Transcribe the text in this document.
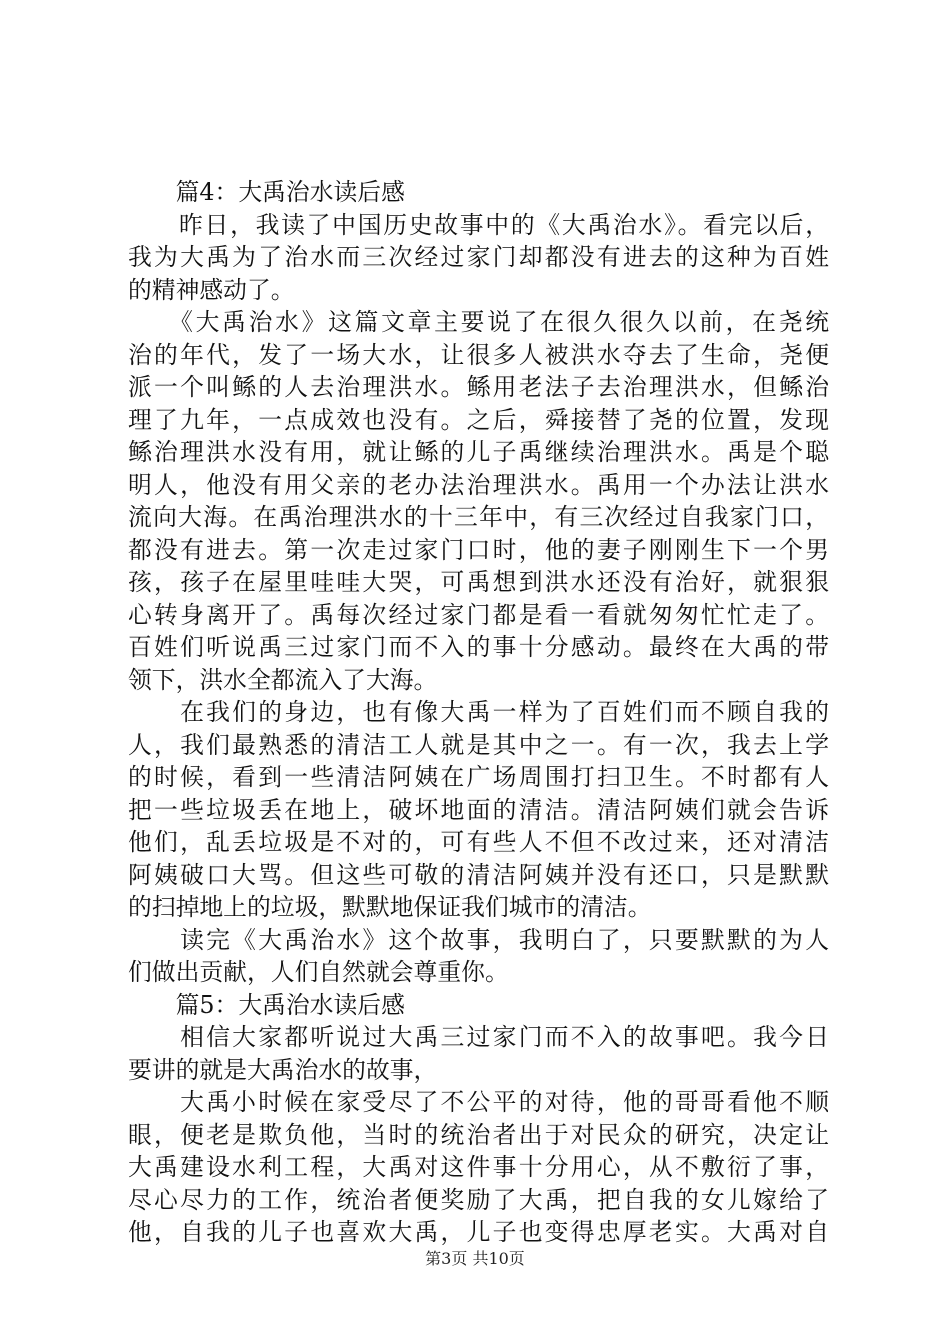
　　篇4：大禹治水读后感
　　昨日，我读了中国历史故事中的《大禹治水》。看完以后，
我为大禹为了治水而三次经过家门却都没有进去的这种为百姓
的精神感动了。
　　《大禹治水》这篇文章主要说了在很久很久以前，在尧统
治的年代，发了一场大水，让很多人被洪水夺去了生命，尧便
派一个叫鲧的人去治理洪水。鲧用老法子去治理洪水，但鲧治
理了九年，一点成效也没有。之后，舜接替了尧的位置，发现
鲧治理洪水没有用，就让鲧的儿子禹继续治理洪水。禹是个聪
明人，他没有用父亲的老办法治理洪水。禹用一个办法让洪水
流向大海。在禹治理洪水的十三年中，有三次经过自我家门口，
都没有进去。第一次走过家门口时，他的妻子刚刚生下一个男
孩，孩子在屋里哇哇大哭，可禹想到洪水还没有治好，就狠狠
心转身离开了。禹每次经过家门都是看一看就匆匆忙忙走了。
百姓们听说禹三过家门而不入的事十分感动。最终在大禹的带
领下，洪水全都流入了大海。
　　在我们的身边，也有像大禹一样为了百姓们而不顾自我的
人，我们最熟悉的清洁工人就是其中之一。有一次，我去上学
的时候，看到一些清洁阿姨在广场周围打扫卫生。不时都有人
把一些垃圾丢在地上，破坏地面的清洁。清洁阿姨们就会告诉
他们，乱丢垃圾是不对的，可有些人不但不改过来，还对清洁
阿姨破口大骂。但这些可敬的清洁阿姨并没有还口，只是默默
的扫掉地上的垃圾，默默地保证我们城市的清洁。
　　读完《大禹治水》这个故事，我明白了，只要默默的为人
们做出贡献，人们自然就会尊重你。
　　篇5：大禹治水读后感
　　相信大家都听说过大禹三过家门而不入的故事吧。我今日
要讲的就是大禹治水的故事，
　　大禹小时候在家受尽了不公平的对待，他的哥哥看他不顺
眼，便老是欺负他，当时的统治者出于对民众的研究，决定让
大禹建设水利工程，大禹对这件事十分用心，从不敷衍了事，
尽心尽力的工作，统治者便奖励了大禹，把自我的女儿嫁给了
他，自我的儿子也喜欢大禹，儿子也变得忠厚老实。大禹对自
第3页 共10页
